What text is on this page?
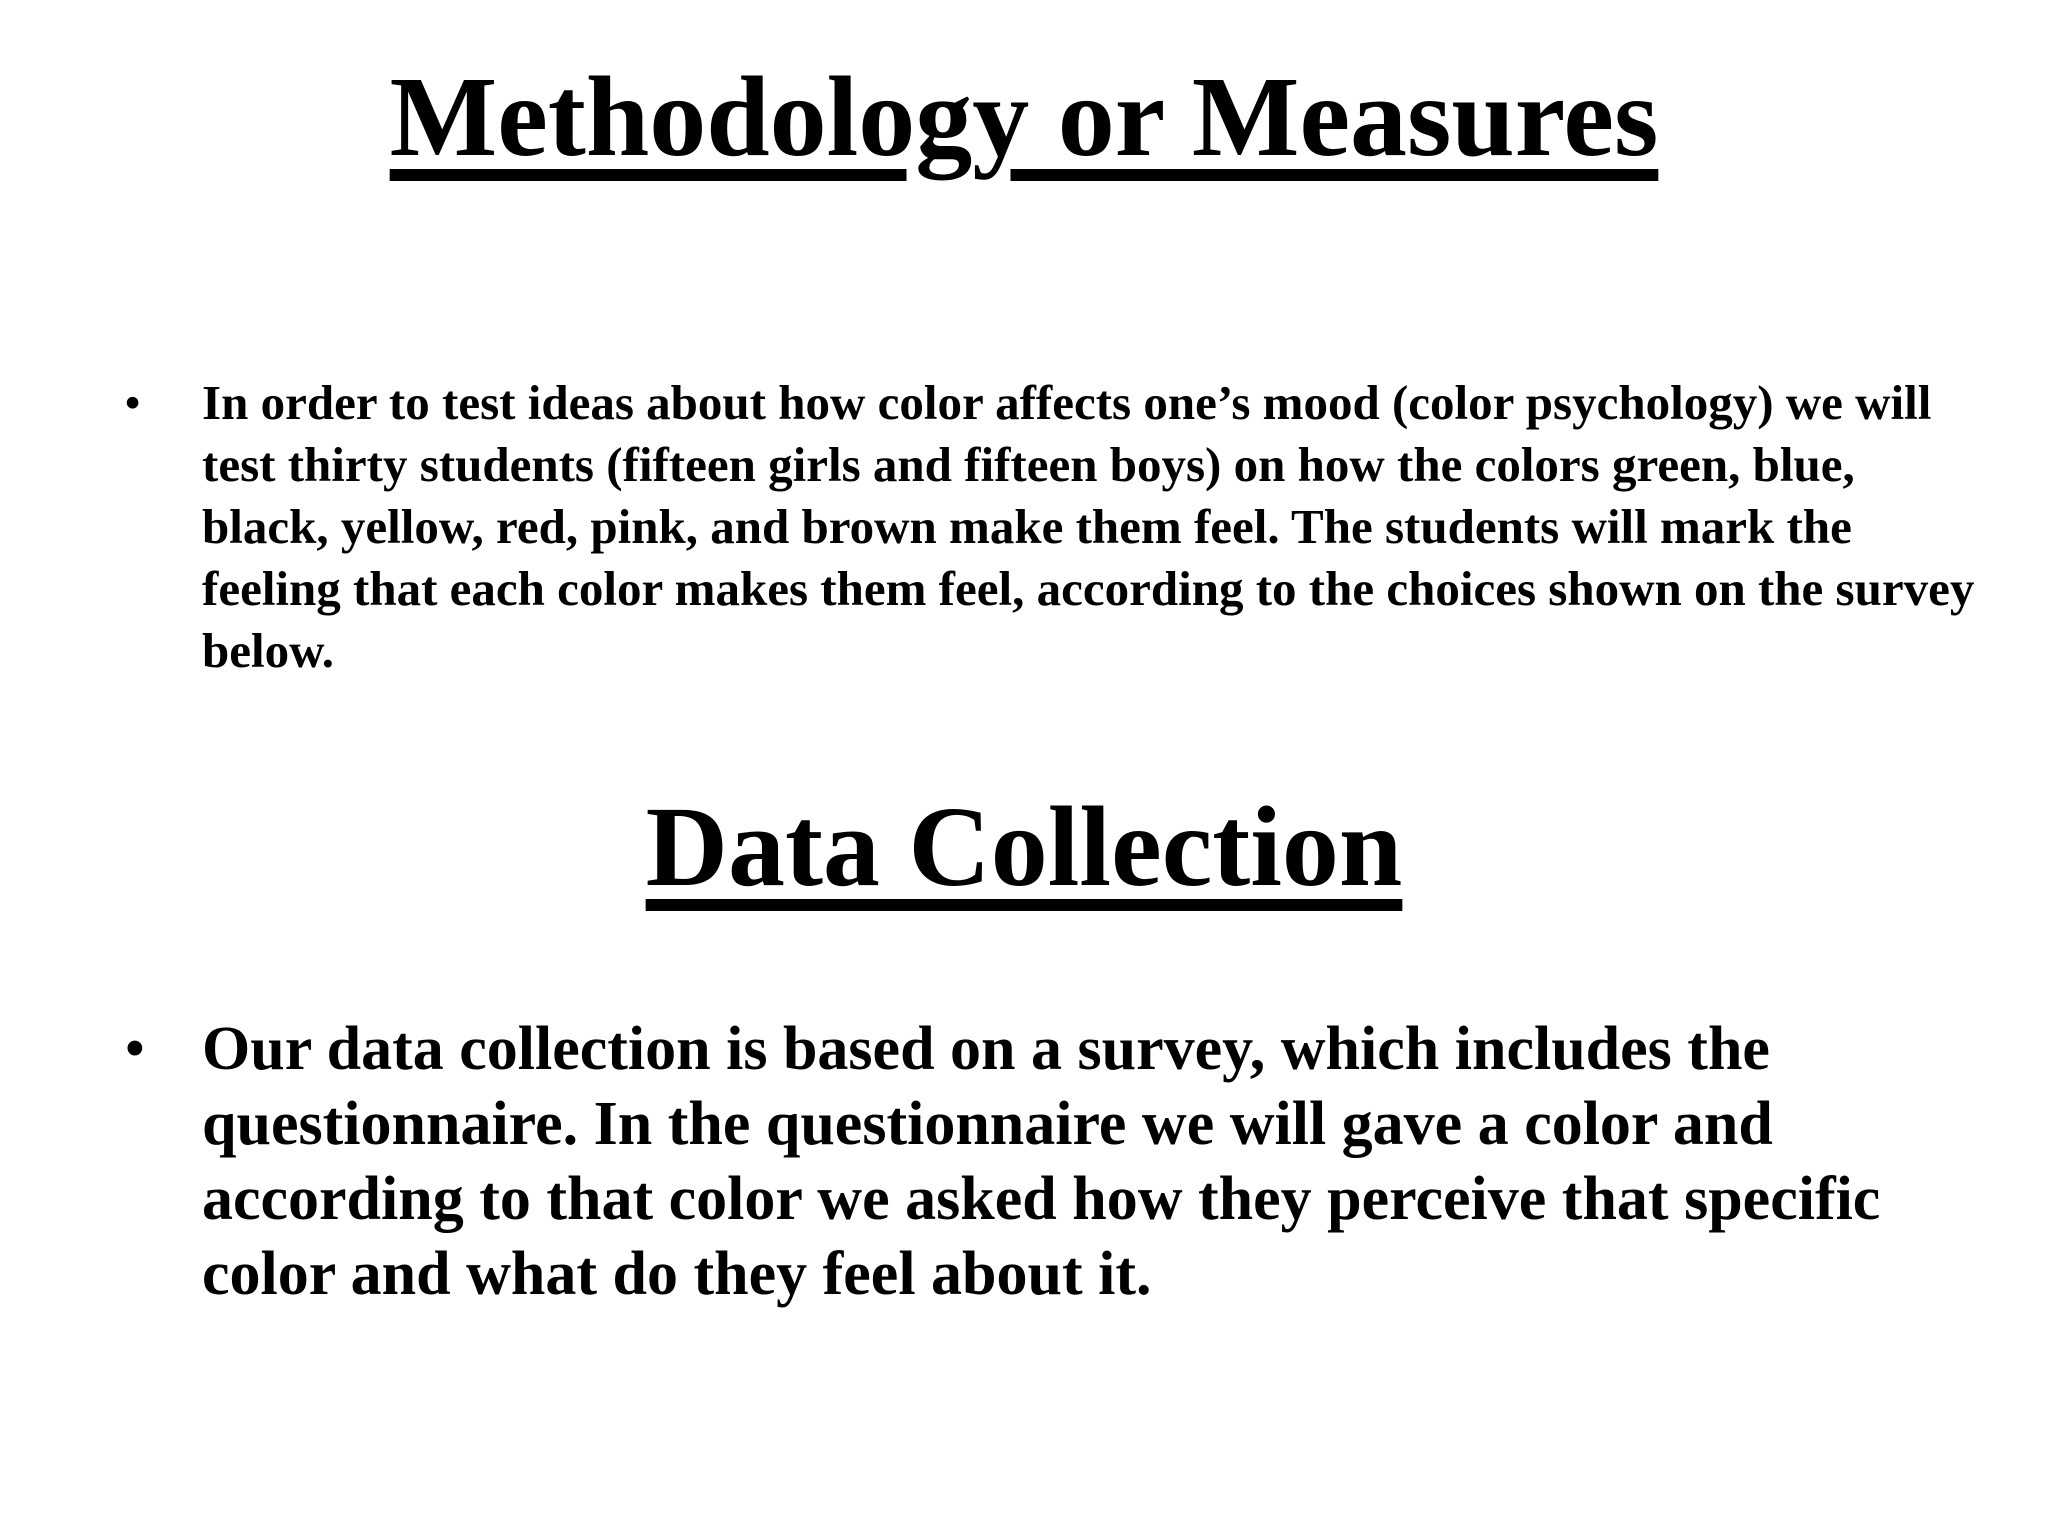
Methodology or Measures
•	In order to test ideas about how color affects one’s mood (color psychology) we will test thirty students (fifteen girls and fifteen boys) on how the colors green, blue, black, yellow, red, pink, and brown make them feel. The students will mark the feeling that each color makes them feel, according to the choices shown on the survey below.

Data Collection
• Our data collection is based on a survey, which includes the questionnaire. In the questionnaire we will gave a color and according to that color we asked how they perceive that specific color and what do they feel about it.
